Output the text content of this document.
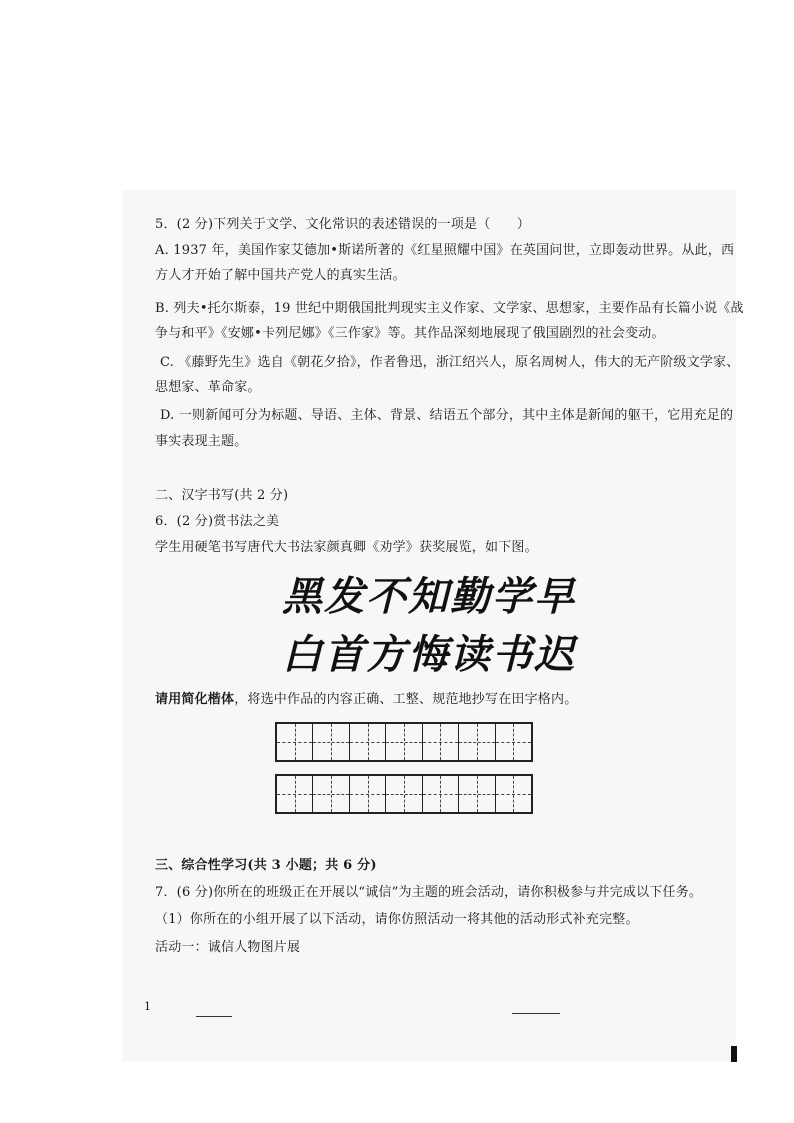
5．(2 分)下列关于文学、文化常识的表述错误的一项是（　　）
A. 1937 年，美国作家艾德加•斯诺所著的《红星照耀中国》在英国问世，立即轰动世界。从此，西
方人才开始了解中国共产党人的真实生活。
B. 列夫•托尔斯泰，19 世纪中期俄国批判现实主义作家、文学家、思想家，主要作品有长篇小说《战
争与和平》《安娜•卡列尼娜》《三作家》等。其作品深刻地展现了俄国剧烈的社会变动。
C. 《藤野先生》选自《朝花夕拾》，作者鲁迅，浙江绍兴人，原名周树人，伟大的无产阶级文学家、
思想家、革命家。
D. 一则新闻可分为标题、导语、主体、背景、结语五个部分，其中主体是新闻的躯干，它用充足的
事实表现主题。
二、汉字书写(共 2 分)
6．(2 分)赏书法之美
学生用硬笔书写唐代大书法家颜真卿《劝学》获奖展览，如下图。
黑发不知勤学早
白首方悔读书迟
请用简化楷体，将选中作品的内容正确、工整、规范地抄写在田字格内。
三、综合性学习(共 3 小题；共 6 分)
7．(6 分)你所在的班级正在开展以“诚信”为主题的班会活动，请你积极参与并完成以下任务。
（1）你所在的小组开展了以下活动，请你仿照活动一将其他的活动形式补充完整。
活动一：诚信人物图片展
1
